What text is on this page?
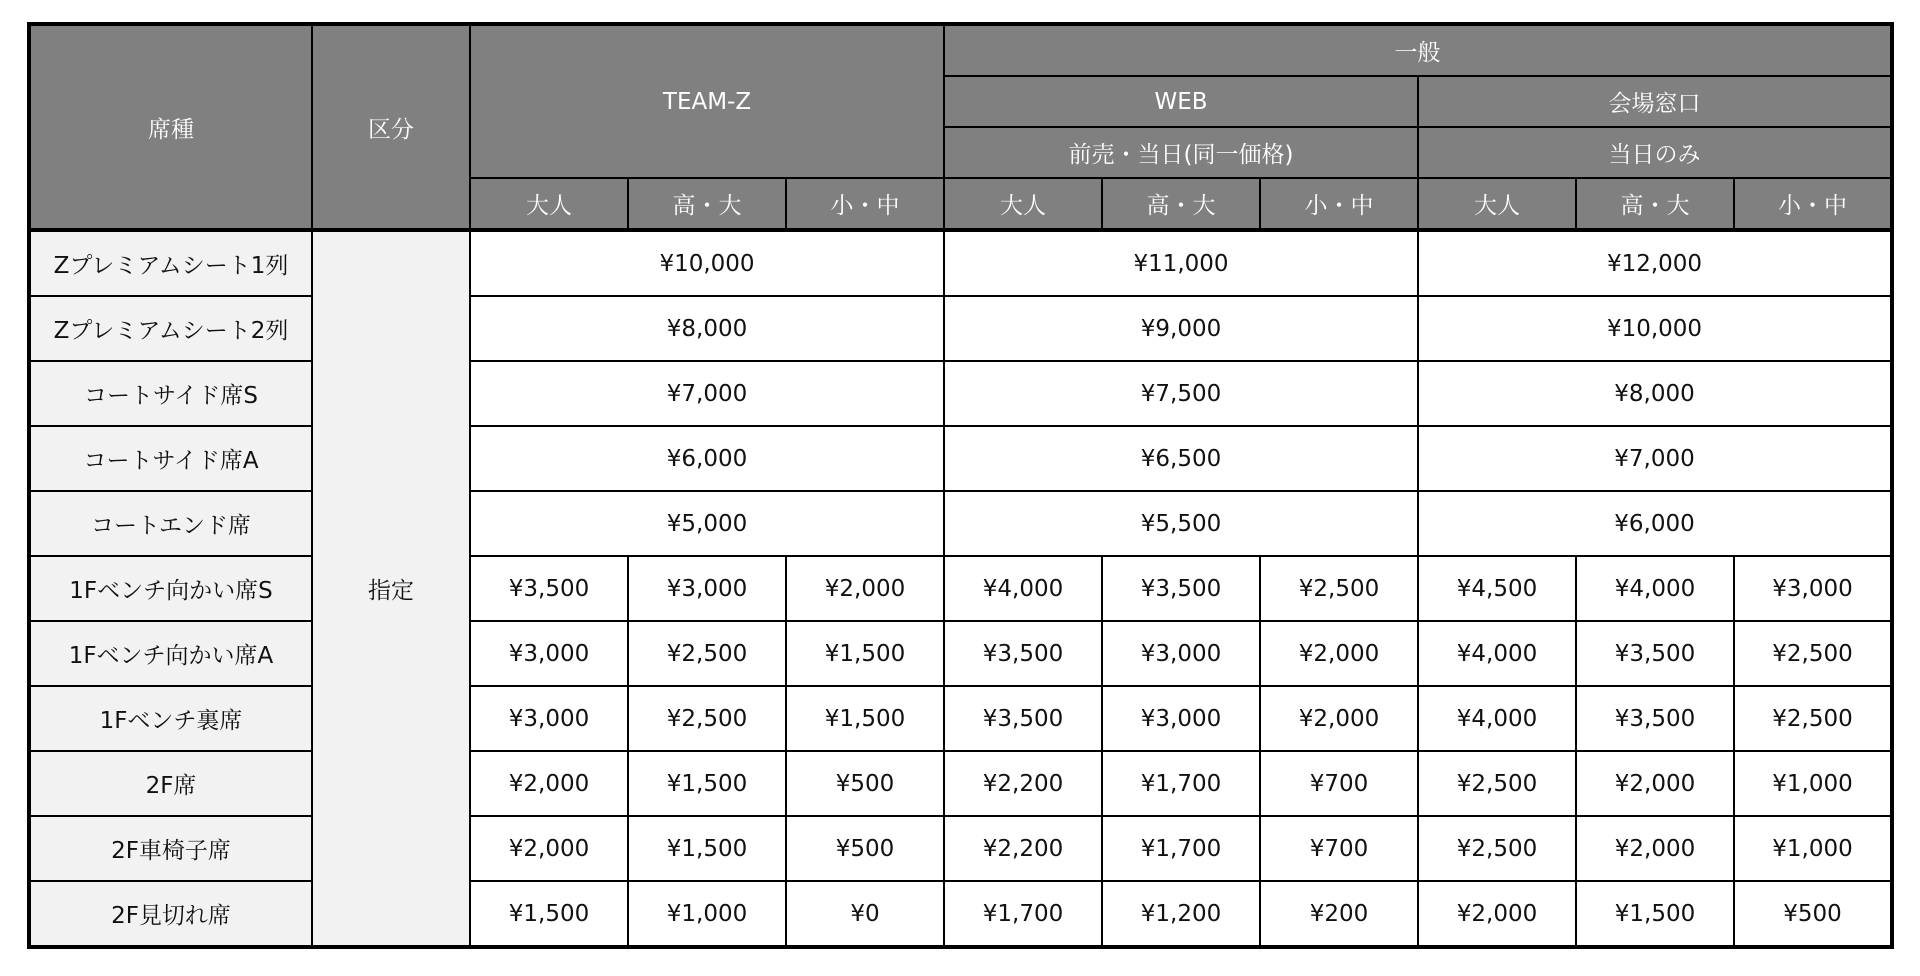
席種	区分	TEAM-Z			一般					
					WEB			会場窓口		
					前売・当日(同一価格)			当日のみ		
		大人	高・大	小・中	大人	高・大	小・中	大人	高・大	小・中
Zプレミアムシート1列	指定	¥10,000			¥11,000			¥12,000		
Zプレミアムシート2列		¥8,000			¥9,000			¥10,000		
コートサイド席S		¥7,000			¥7,500			¥8,000		
コートサイド席A		¥6,000			¥6,500			¥7,000		
コートエンド席		¥5,000			¥5,500			¥6,000		
1Fベンチ向かい席S		¥3,500	¥3,000	¥2,000	¥4,000	¥3,500	¥2,500	¥4,500	¥4,000	¥3,000
1Fベンチ向かい席A		¥3,000	¥2,500	¥1,500	¥3,500	¥3,000	¥2,000	¥4,000	¥3,500	¥2,500
1Fベンチ裏席		¥3,000	¥2,500	¥1,500	¥3,500	¥3,000	¥2,000	¥4,000	¥3,500	¥2,500
2F席		¥2,000	¥1,500	¥500	¥2,200	¥1,700	¥700	¥2,500	¥2,000	¥1,000
2F車椅子席		¥2,000	¥1,500	¥500	¥2,200	¥1,700	¥700	¥2,500	¥2,000	¥1,000
2F見切れ席		¥1,500	¥1,000	¥0	¥1,700	¥1,200	¥200	¥2,000	¥1,500	¥500
